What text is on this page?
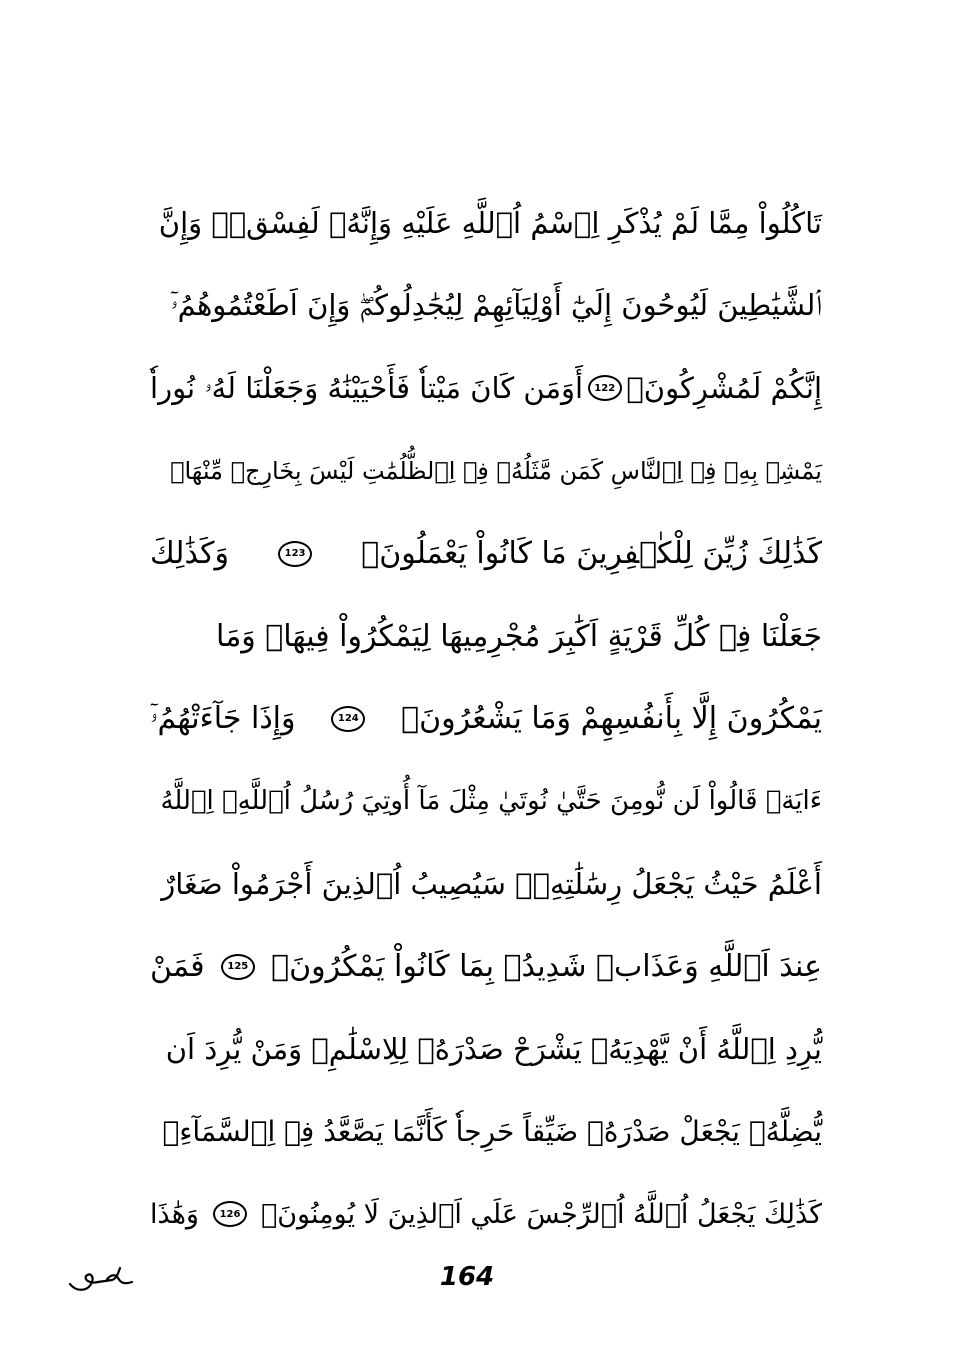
تَاكُلُواْ مِمَّا لَمْ يُذْكَرِ اِ۪سْمُ اُ۬للَّهِ عَلَيْهِ وَإِنَّهُۥ لَفِسْقٞۖ وَإِنَّ
اَ۬لشَّيَٰطِينَ لَيُوحُونَ إِلَيٰٓ أَوْلِيَآئِهِمْ لِيُجَٰدِلُوكُمْۖ وَإِنَ اَطَعْتُمُوهُمُۥٓ
إِنَّكُمْ لَمُشْرِكُونَۖ
122
أَوَمَن كَانَ مَيْتاٗ فَأَحْيَيْنَٰهُ وَجَعَلْنَا لَهُۥ نُوراٗ
يَمْشِے بِهِۦ فِے اِ۬لنَّاسِ كَمَن مَّثَلُهُۥ فِے اِ۬لظُّلُمَٰتِ لَيْسَ بِخَارِجٖ مِّنْهَاۖ
كَذَٰلِكَ زُيِّنَ لِلْكٰ۪فِرِينَ مَا كَانُواْ يَعْمَلُونَۖ
123
وَكَذَٰلِكَ
جَعَلْنَا فِے كُلِّ قَرْيَةٍ اَكَٰبِرَ مُجْرِمِيهَا لِيَمْكُرُواْ فِيهَاۖ وَمَا
يَمْكُرُونَ إِلَّا بِأَنفُسِهِمْ وَمَا يَشْعُرُونَۖ
124
وَإِذَا جَآءَتْهُمُۥٓ
ءَايَةٞ قَالُواْ لَن نُّومِنَ حَتَّيٰ نُوتَيٰ مِثْلَ مَآ أُوتِيَ رُسُلُ اُ۬للَّهِۖ اِ۬للَّهُ
أَعْلَمُ حَيْثُ يَجْعَلُ رِسَٰلَٰتِهِۦۖ سَيُصِيبُ اُ۬لذِينَ أَجْرَمُواْ صَغَارٌ
عِندَ اَ۬للَّهِ وَعَذَابٞ شَدِيدُۢ بِمَا كَانُواْ يَمْكُرُونَۖ
125
فَمَنْ
يُّرِدِ اِ۬للَّهُ أَنْ يَّهْدِيَهُۥ يَشْرَحْ صَدْرَهُۥ لِلِاسْلَٰمِۖ وَمَنْ يُّرِدَ اَن
يُّضِلَّهُۥ يَجْعَلْ صَدْرَهُۥ ضَيِّقاً حَرِجاٗ كَأَنَّمَا يَصَّعَّدُ فِے اِ۬لسَّمَآءِۖ
كَذَٰلِكَ يَجْعَلُ اُ۬للَّهُ اُ۬لرِّجْسَ عَلَي اَ۬لذِينَ لَا يُومِنُونَۖ
126
وَهَٰذَا
164
